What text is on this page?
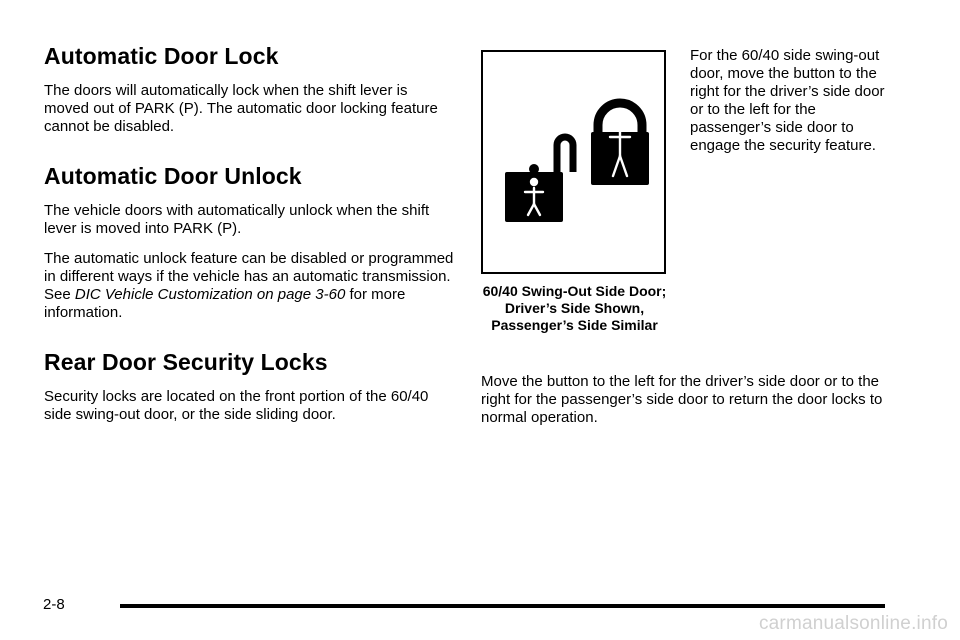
Automatic Door Lock

The doors will automatically lock when the shift lever is moved out of PARK (P). The automatic door locking feature cannot be disabled.

Automatic Door Unlock

The vehicle doors with automatically unlock when the shift lever is moved into PARK (P).

The automatic unlock feature can be disabled or programmed in different ways if the vehicle has an automatic transmission. See DIC Vehicle Customization on page 3-60 for more information.

Rear Door Security Locks

Security locks are located on the front portion of the 60/40 side swing-out door, or the side sliding door.

60/40 Swing-Out Side Door; Driver’s Side Shown, Passenger’s Side Similar

For the 60/40 side swing-out door, move the button to the right for the driver’s side door or to the left for the passenger’s side door to engage the security feature.

Move the button to the left for the driver’s side door or to the right for the passenger’s side door to return the door locks to normal operation.

2-8
carmanualsonline.info
